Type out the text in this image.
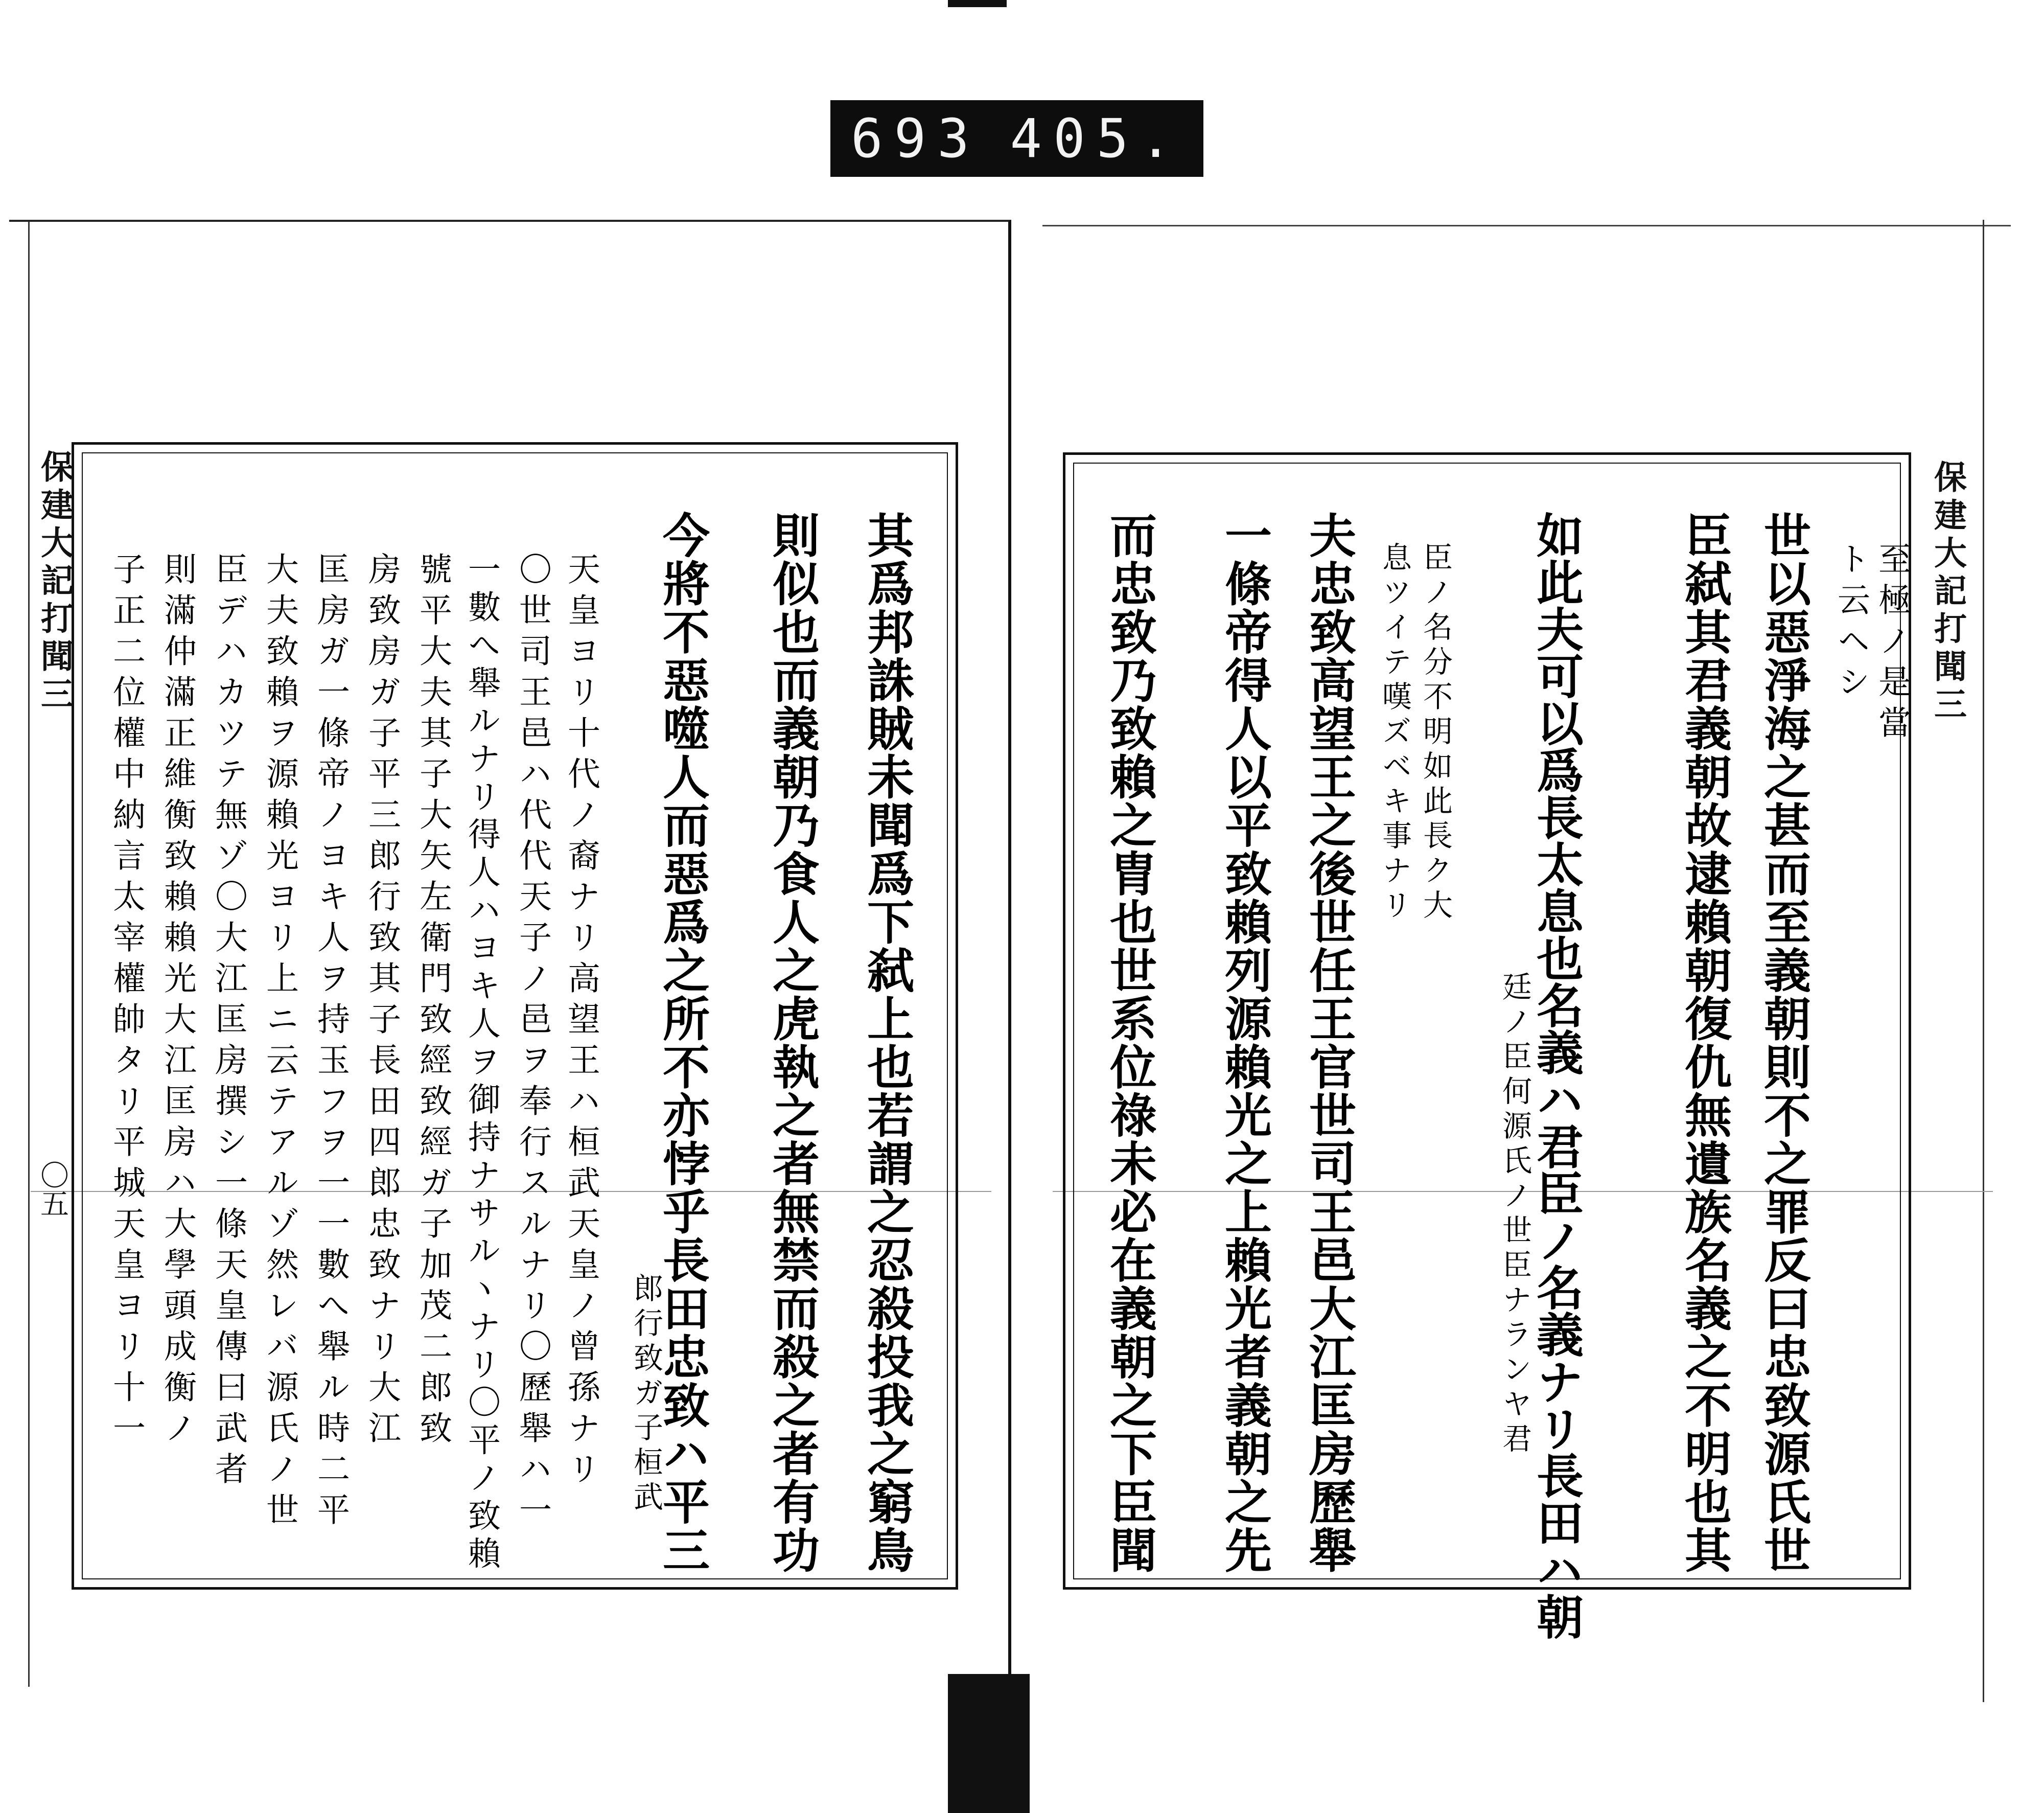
693 405.
保建大記打聞三	保建大記打聞三
〇五
至極ノ是當
ト云ヘシ
世以惡淨海之甚而至義朝則不之罪反曰忠致源氏世
臣弑其君義朝故逮賴朝復仇無遺族名義之不明也其
如此夫可以爲長太息也名義ハ君臣ノ名義ナリ長田ハ朝
廷ノ臣何源氏ノ世臣ナランヤ君
臣ノ名分不明如此長ク大
息ツイテ嘆ズベキ事ナリ
夫忠致高望王之後世任王官世司王邑大江匡房歷舉
一條帝得人以平致賴列源賴光之上賴光者義朝之先
而忠致乃致賴之胄也世系位祿未必在義朝之下臣聞
其爲邦誅賊未聞爲下弑上也若謂之忍殺投我之窮鳥
則似也而義朝乃食人之虎執之者無禁而殺之者有功
今將不惡噬人而惡爲之所不亦悖乎長田忠致ハ平三
郎行致ガ子桓武
天皇ヨリ十代ノ裔ナリ高望王ハ桓武天皇ノ曾孫ナリ
〇世司王邑ハ代代天子ノ邑ヲ奉行スルナリ〇歷舉ハ一
一數へ舉ルナリ得人ハヨキ人ヲ御持ナサルヽナリ〇平ノ致賴
號平大夫其子大矢左衛門致經致經ガ子加茂二郎致
房致房ガ子平三郎行致其子長田四郎忠致ナリ大江
匡房ガ一條帝ノヨキ人ヲ持玉フヲ一一數へ舉ル時二平
大夫致賴ヲ源賴光ヨリ上ニ云テアルゾ然レバ源氏ノ世
臣デハカツテ無ゾ〇大江匡房撰シ一條天皇傳曰武者
則滿仲滿正維衡致賴賴光大江匡房ハ大學頭成衡ノ
子正二位權中納言太宰權帥タリ平城天皇ヨリ十一
